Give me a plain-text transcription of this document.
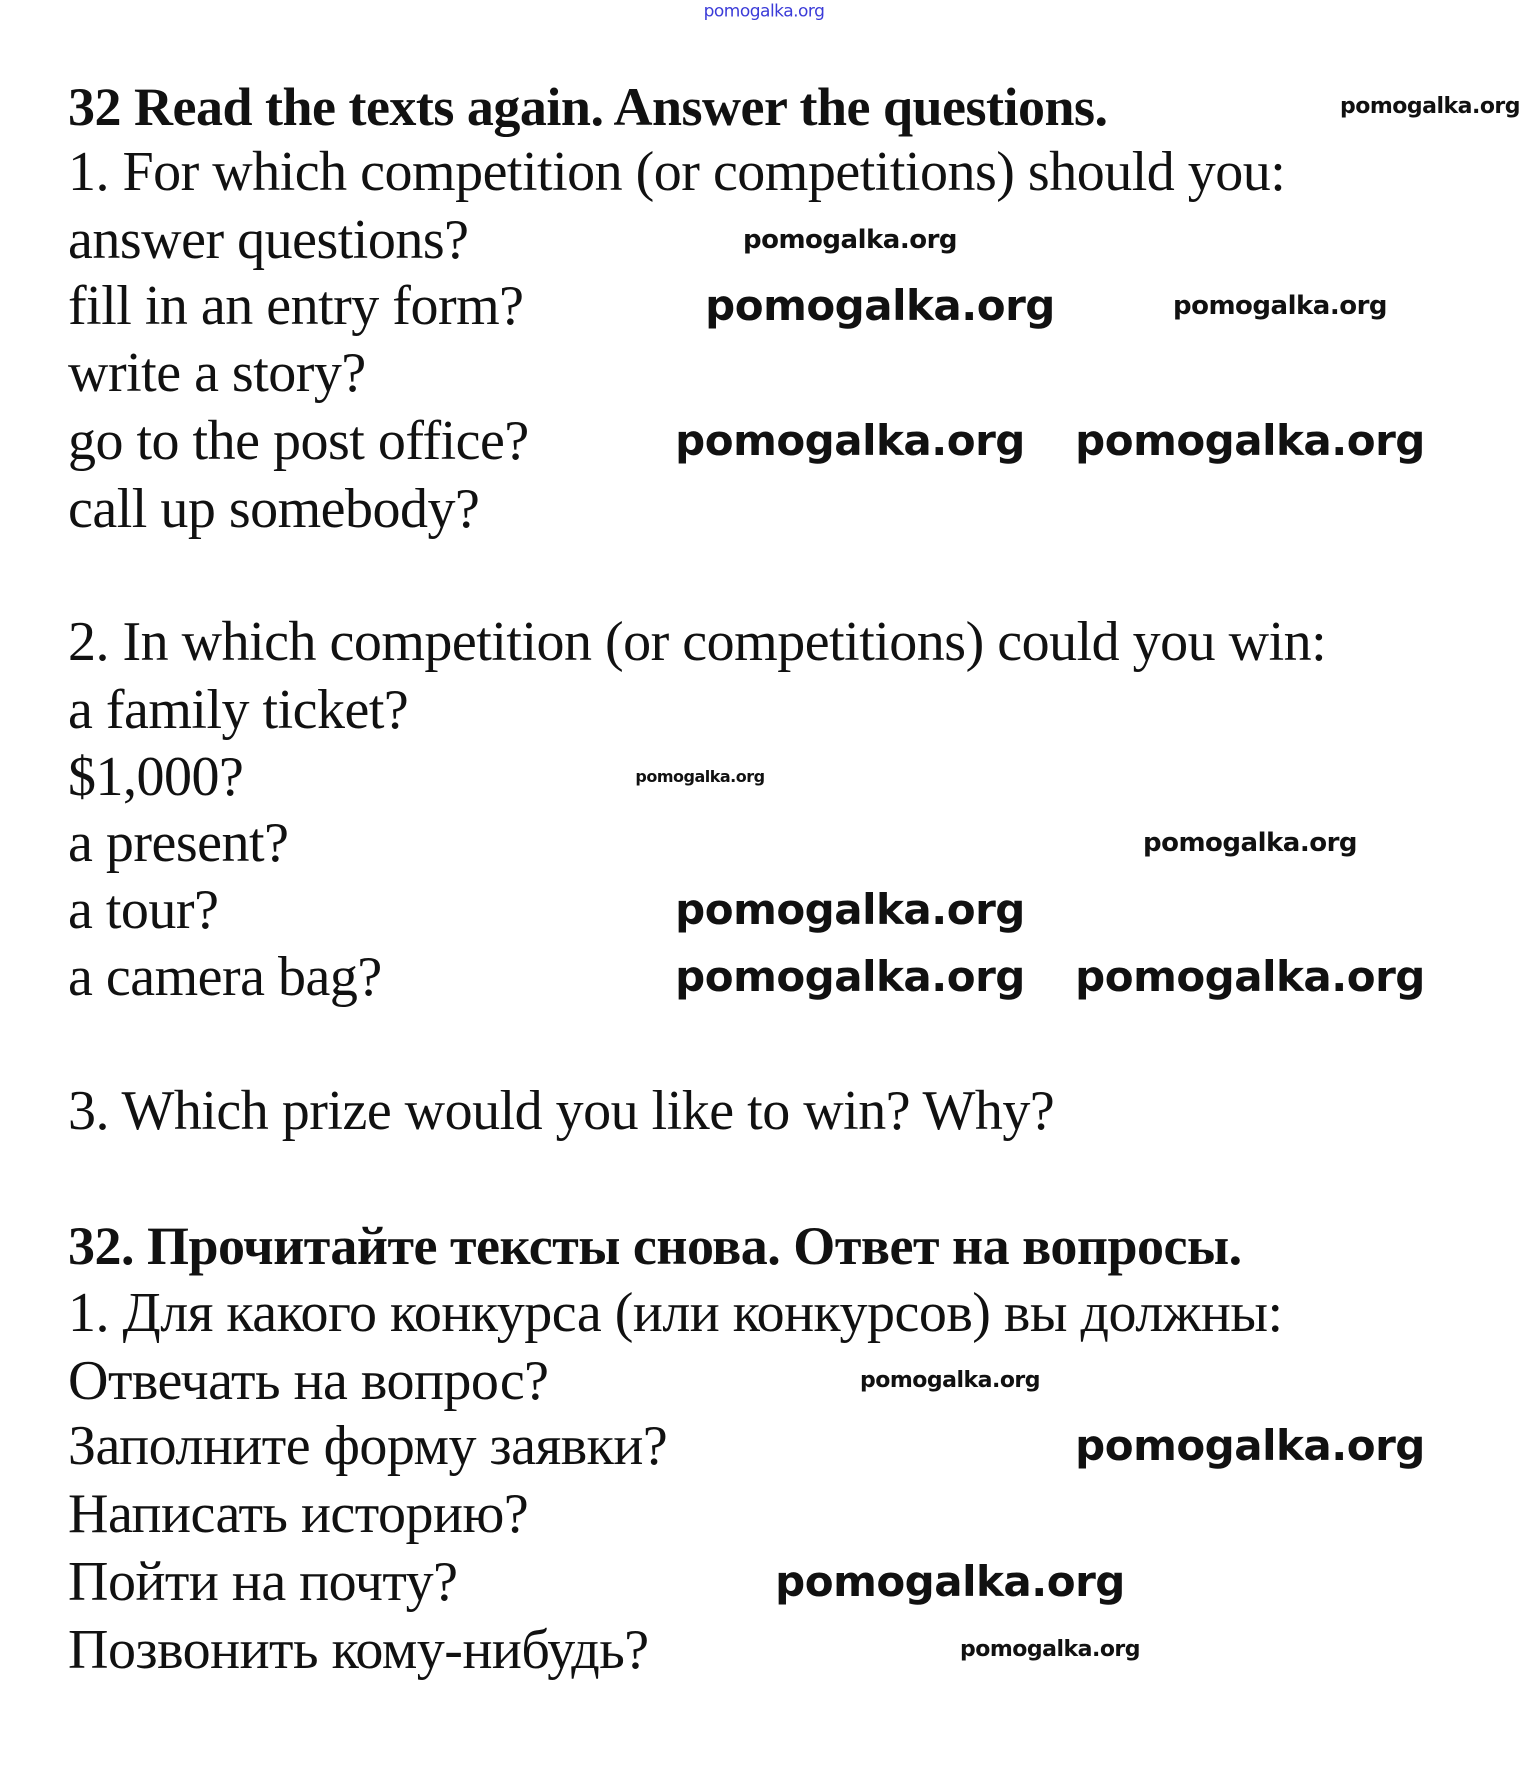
32 Read the texts again. Answer the questions.
1. For which competition (or competitions) should you:
answer questions?
fill in an entry form?
write a story?
go to the post office?
call up somebody?
2. In which competition (or competitions) could you win:
a family ticket?
$1,000?
a present?
a tour?
a camera bag?
3. Which prize would you like to win? Why?
32. Прочитайте тексты снова. Ответ на вопросы.
1. Для какого конкурса (или конкурсов) вы должны:
Отвечать на вопрос?
Заполните форму заявки?
Написать историю?
Пойти на почту?
Позвонить кому-нибудь?
pomogalka.org
pomogalka.org
pomogalka.org
pomogalka.org	pomogalka.org
pomogalka.org pomogalka.org
pomogalka.org
pomogalka.org
pomogalka.org
pomogalka.org pomogalka.org
pomogalka.org
pomogalka.org
pomogalka.org
pomogalka.org
